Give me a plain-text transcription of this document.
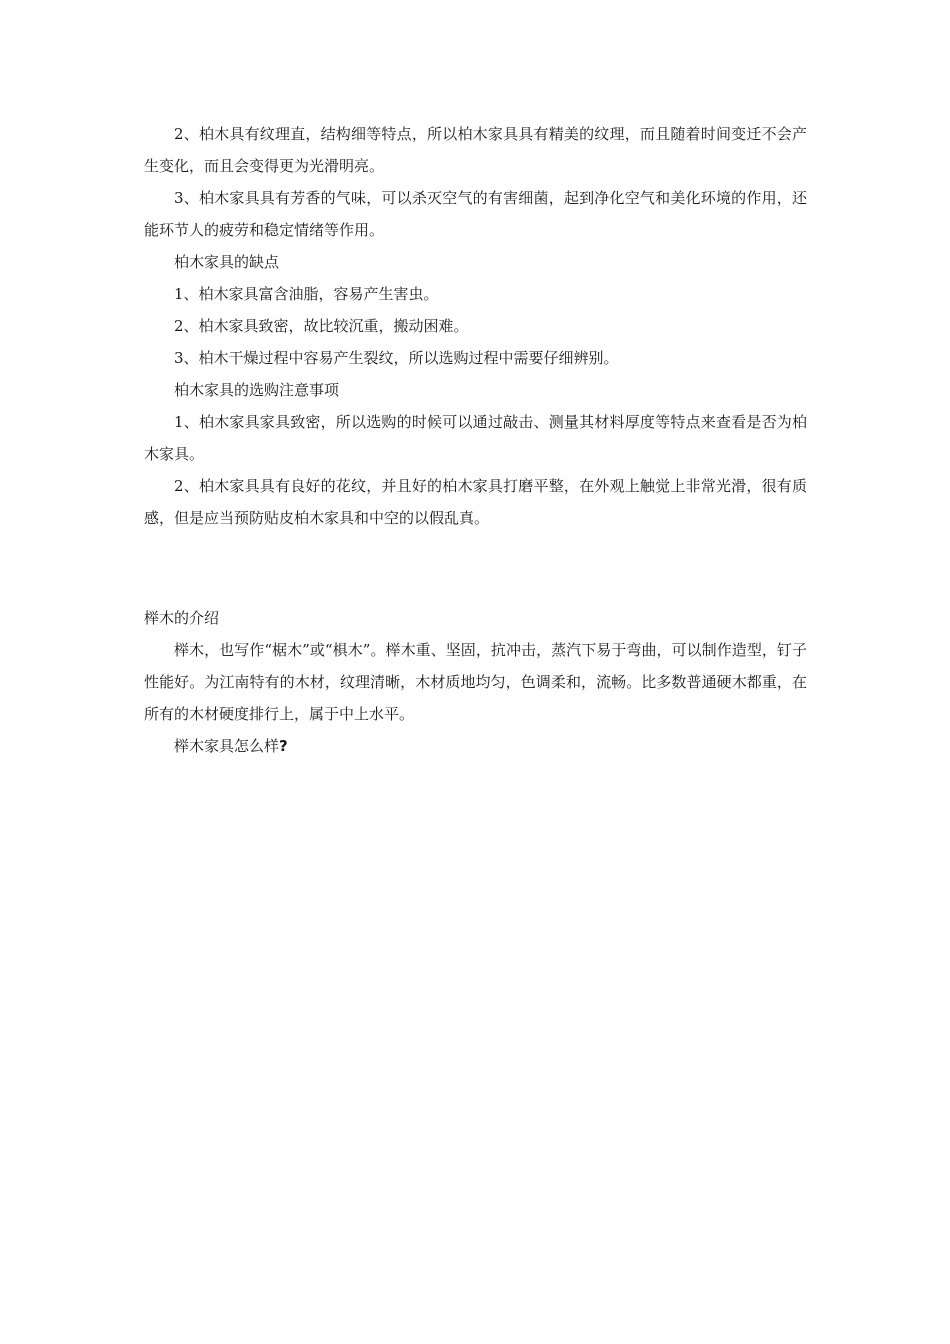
2、柏木具有纹理直，结构细等特点，所以柏木家具具有精美的纹理，而且随着时间变迁不会产生变化，而且会变得更为光滑明亮。

3、柏木家具具有芳香的气味，可以杀灭空气的有害细菌，起到净化空气和美化环境的作用，还能环节人的疲劳和稳定情绪等作用。

柏木家具的缺点

1、柏木家具富含油脂，容易产生害虫。

2、柏木家具致密，故比较沉重，搬动困难。

3、柏木干燥过程中容易产生裂纹，所以选购过程中需要仔细辨别。

柏木家具的选购注意事项

1、柏木家具家具致密，所以选购的时候可以通过敲击、测量其材料厚度等特点来查看是否为柏木家具。

2、柏木家具具有良好的花纹，并且好的柏木家具打磨平整，在外观上触觉上非常光滑，很有质感，但是应当预防贴皮柏木家具和中空的以假乱真。

榉木的介绍

榉木，也写作“椐木”或“椇木”。榉木重、坚固，抗冲击，蒸汽下易于弯曲，可以制作造型，钉子性能好。为江南特有的木材，纹理清晰，木材质地均匀，色调柔和，流畅。比多数普通硬木都重，在所有的木材硬度排行上，属于中上水平。

榉木家具怎么样?
